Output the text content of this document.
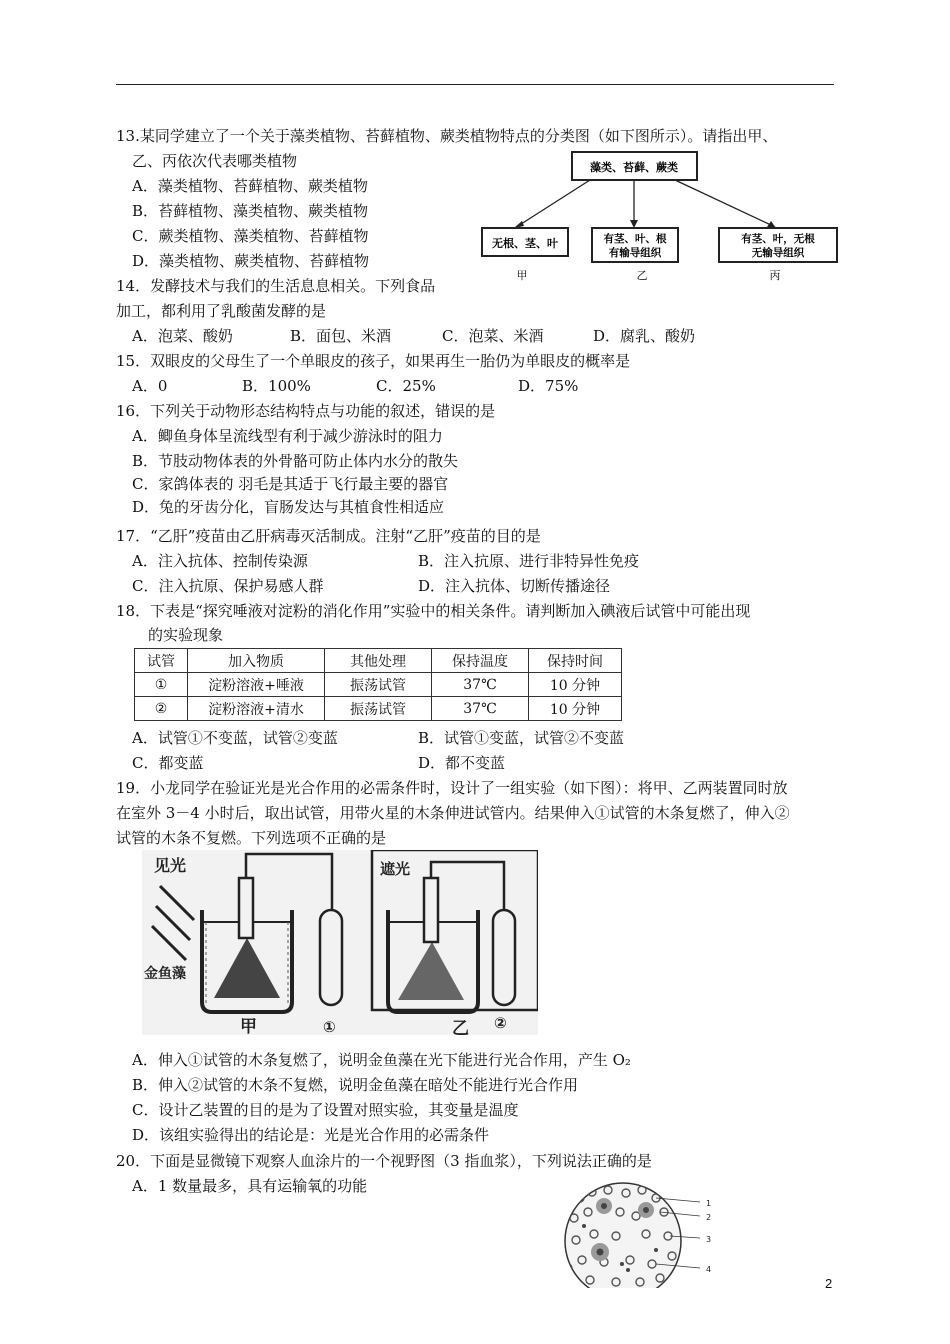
13.某同学建立了一个关于藻类植物、苔藓植物、蕨类植物特点的分类图（如下图所示）。请指出甲、
乙、丙依次代表哪类植物
A．藻类植物、苔藓植物、蕨类植物
B．苔藓植物、藻类植物、蕨类植物
C．蕨类植物、藻类植物、苔藓植物
D．藻类植物、蕨类植物、苔藓植物
藻类、苔藓、蕨类
无根、茎、叶	有茎、叶、根
有输导组织
有茎、叶，无根
无输导组织
甲	乙	丙
14．发酵技术与我们的生活息息相关。下列食品
加工，都利用了乳酸菌发酵的是
A．泡菜、酸奶	B．面包、米酒	C．泡菜、米酒	D．腐乳、酸奶
15．双眼皮的父母生了一个单眼皮的孩子，如果再生一胎仍为单眼皮的概率是
A．0	B．100%	C．25%	D．75%
16．下列关于动物形态结构特点与功能的叙述，错误的是
A．鲫鱼身体呈流线型有利于减少游泳时的阻力
B．节肢动物体表的外骨骼可防止体内水分的散失
C．家鸽体表的 羽毛是其适于飞行最主要的器官
D．兔的牙齿分化，盲肠发达与其植食性相适应
17．“乙肝”疫苗由乙肝病毒灭活制成。注射“乙肝”疫苗的目的是
A．注入抗体、控制传染源	B．注入抗原、进行非特异性免疫
C．注入抗原、保护易感人群	D．注入抗体、切断传播途径
18．下表是“探究唾液对淀粉的消化作用”实验中的相关条件。请判断加入碘液后试管中可能出现
的实验现象
试管	加入物质	其他处理	保持温度	保持时间
①	淀粉溶液+唾液	振荡试管	37℃	10 分钟
②	淀粉溶液+清水	振荡试管	37℃	10 分钟
A．试管①不变蓝，试管②变蓝	B．试管①变蓝，试管②不变蓝
C．都变蓝	D．都不变蓝
19．小龙同学在验证光是光合作用的必需条件时，设计了一组实验（如下图）：将甲、乙两装置同时放
在室外 3－4 小时后，取出试管，用带火星的木条伸进试管内。结果伸入①试管的木条复燃了，伸入②
试管的木条不复燃。下列选项不正确的是
见光
金鱼藻
①
甲
遮光
②
乙
A．伸入①试管的木条复燃了，说明金鱼藻在光下能进行光合作用，产生 O₂
B．伸入②试管的木条不复燃，说明金鱼藻在暗处不能进行光合作用
C．设计乙装置的目的是为了设置对照实验，其变量是温度
D．该组实验得出的结论是：光是光合作用的必需条件
20．下面是显微镜下观察人血涂片的一个视野图（3 指血浆），下列说法正确的是
A．1 数量最多，具有运输氧的功能
1
2
3
4
2
